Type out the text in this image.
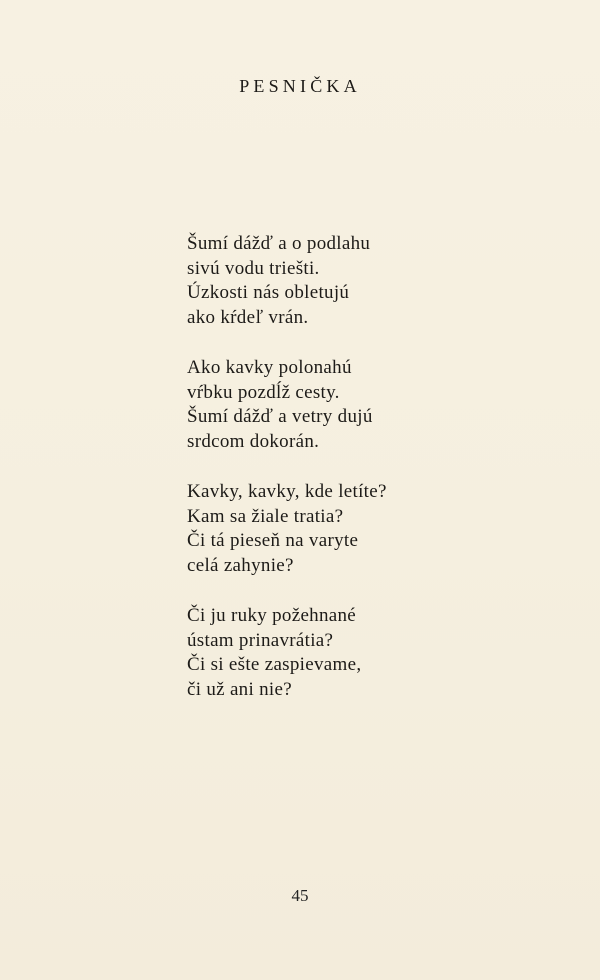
PESNIČKA
Šumí dážď a o podlahu
sivú vodu triešti.
Úzkosti nás obletujú
ako kŕdeľ vrán.
Ako kavky polonahú
vŕbku pozdĺž cesty.
Šumí dážď a vetry dujú
srdcom dokorán.
Kavky, kavky, kde letíte?
Kam sa žiale tratia?
Či tá pieseň na varyte
celá zahynie?
Či ju ruky požehnané
ústam prinavrátia?
Či si ešte zaspievame,
či už ani nie?
45
